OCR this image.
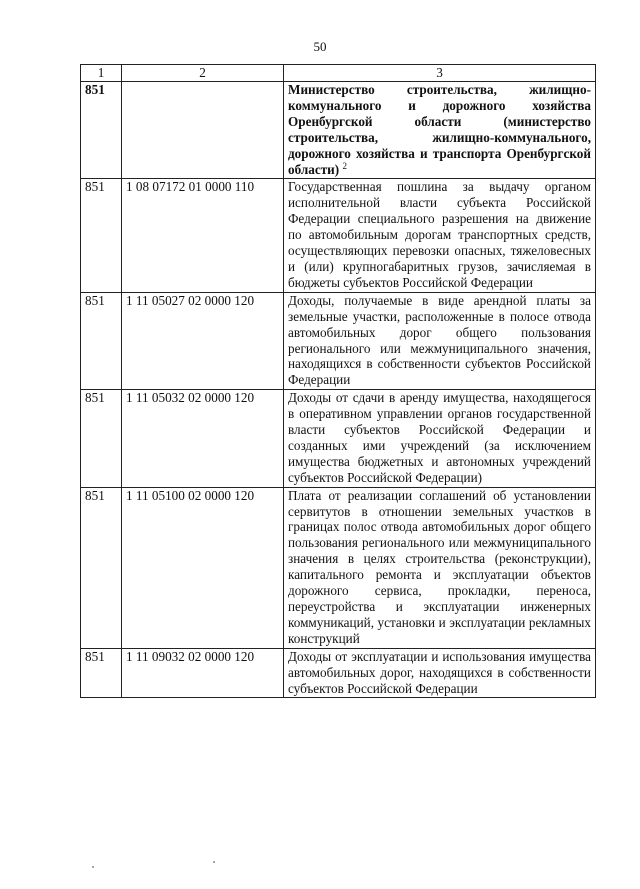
50
1	2	3
851		Министерство строительства, жилищно-коммунального и дорожного хозяйства Оренбургской области (министерство строительства, жилищно-коммунального, дорожного хозяйства и транспорта Оренбургской области) $^2$
851	1 08 07172 01 0000 110	Государственная пошлина за выдачу органом исполнительной власти субъекта Российской Федерации специального разрешения на движение по автомобильным дорогам транспортных средств, осуществляющих перевозки опасных, тяжеловесных и (или) крупногабаритных грузов, зачисляемая в бюджеты субъектов Российской Федерации
851	1 11 05027 02 0000 120	Доходы, получаемые в виде арендной платы за земельные участки, расположенные в полосе отвода автомобильных дорог общего пользования регионального или межмуниципального значения, находящихся в собственности субъектов Российской Федерации
851	1 11 05032 02 0000 120	Доходы от сдачи в аренду имущества, находящегося в оперативном управлении органов государственной власти субъектов Российской Федерации и созданных ими учреждений (за исключением имущества бюджетных и автономных учреждений субъектов Российской Федерации)
851	1 11 05100 02 0000 120	Плата от реализации соглашений об установлении сервитутов в отношении земельных участков в границах полос отвода автомобильных дорог общего пользования регионального или межмуниципального значения в целях строительства (реконструкции), капитального ремонта и эксплуатации объектов дорожного сервиса, прокладки, переноса, переустройства и эксплуатации инженерных коммуникаций, установки и эксплуатации рекламных конструкций
851	1 11 09032 02 0000 120	Доходы от эксплуатации и использования имущества автомобильных дорог, находящихся в собственности субъектов Российской Федерации
